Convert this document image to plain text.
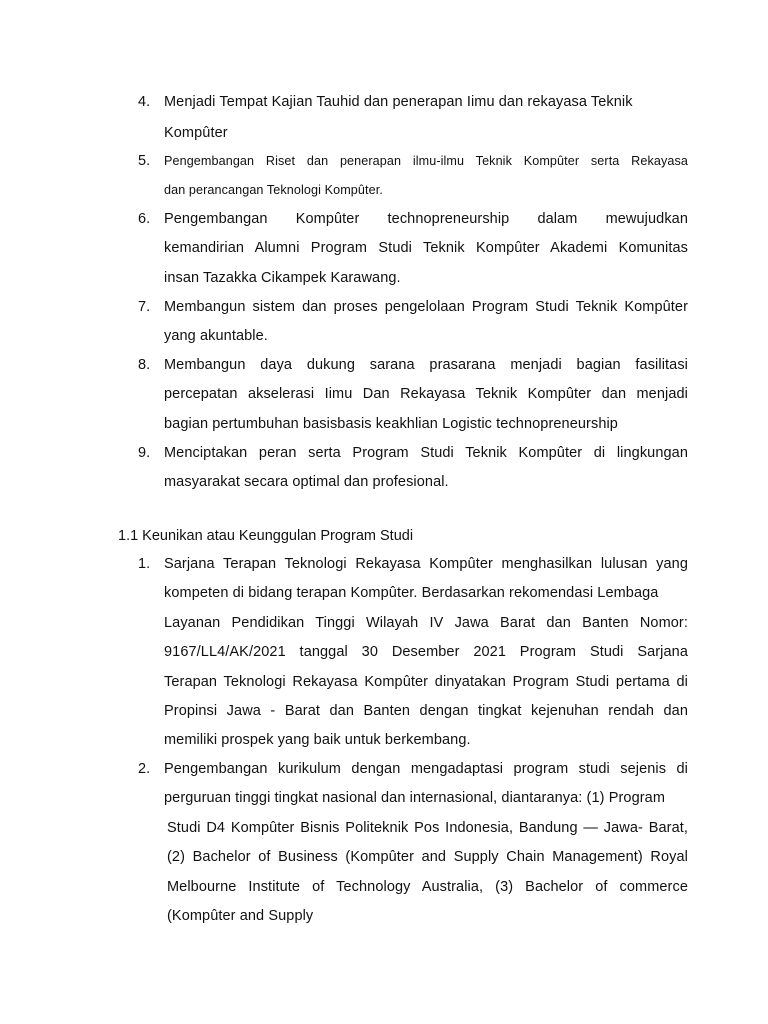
4. Menjadi Tempat Kajian Tauhid dan penerapan Iimu dan rekayasa Teknik
Kompûter
5.	Pengembangan Riset dan penerapan ilmu-ilmu Teknik Kompûter serta Rekayasa
dan perancangan Teknologi Kompûter.
6. Pengembangan Kompûter technopreneurship dalam mewujudkan
kemandirian Alumni Program Studi Teknik Kompûter Akademi Komunitas
insan Tazakka Cikampek Karawang.
7. Membangun sistem dan proses pengelolaan Program Studi Teknik Kompûter
yang akuntable.
8. Membangun daya dukung sarana prasarana menjadi bagian fasilitasi
percepatan akselerasi Iimu Dan Rekayasa Teknik Kompûter dan menjadi
bagian pertumbuhan basisbasis keakhlian Logistic technopreneurship
9. Menciptakan peran serta Program Studi Teknik Kompûter di lingkungan
masyarakat secara optimal dan profesional.
1.1 Keunikan atau Keunggulan Program Studi
1. Sarjana Terapan Teknologi Rekayasa Kompûter menghasilkan lulusan yang
kompeten di bidang terapan Kompûter. Berdasarkan rekomendasi Lembaga
Layanan Pendidikan Tinggi Wilayah IV Jawa Barat dan Banten Nomor:
9167/LL4/AK/2021 tanggal 30 Desember 2021 Program Studi Sarjana
Terapan Teknologi Rekayasa Kompûter dinyatakan Program Studi pertama di
Propinsi Jawa - Barat dan Banten dengan tingkat kejenuhan rendah dan
memiliki prospek yang baik untuk berkembang.
2. Pengembangan kurikulum dengan mengadaptasi program studi sejenis di
perguruan tinggi tingkat nasional dan internasional, diantaranya: (1) Program
Studi D4 Kompûter Bisnis Politeknik Pos Indonesia, Bandung — Jawa- Barat,
(2) Bachelor of Business (Kompûter and Supply Chain Management) Royal
Melbourne Institute of Technology Australia, (3) Bachelor of commerce
(Kompûter and Supply
